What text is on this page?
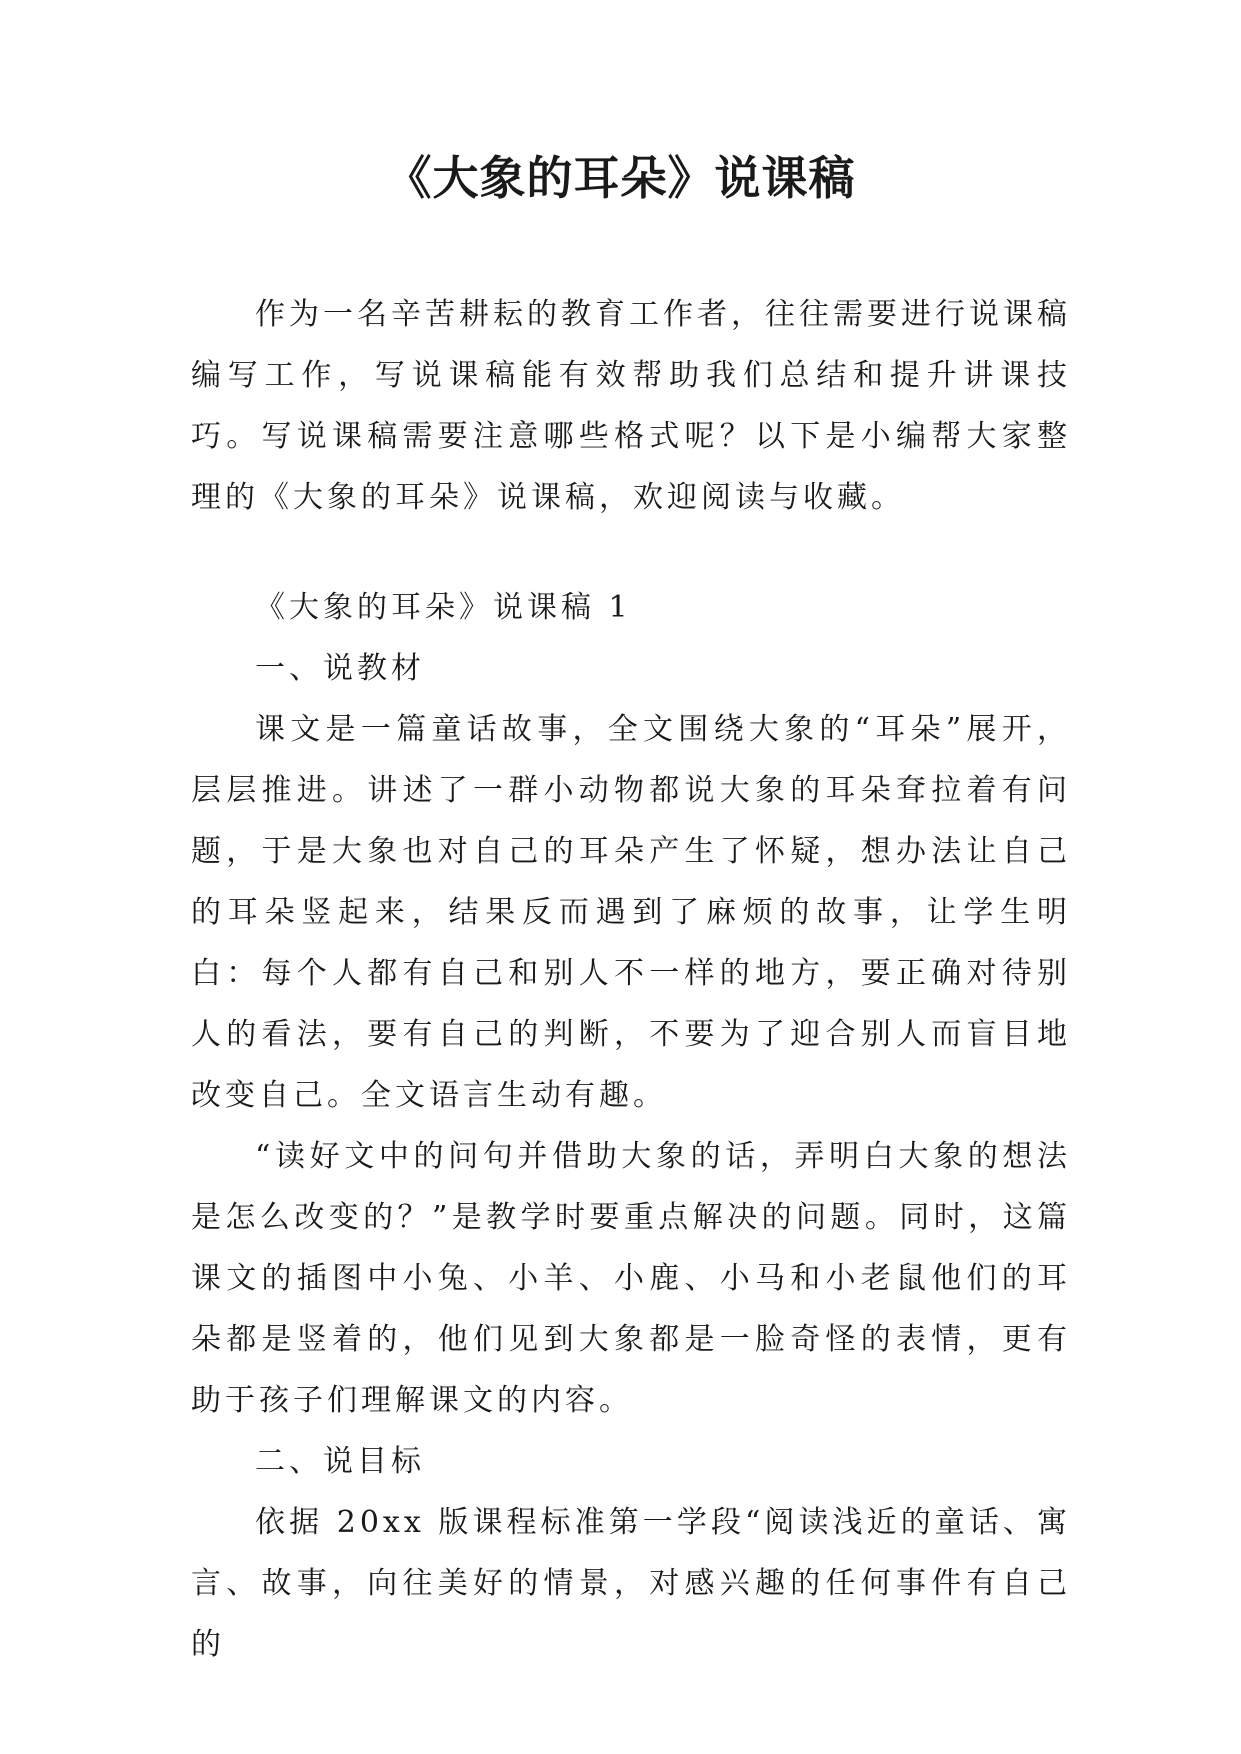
《大象的耳朵》说课稿

作为一名辛苦耕耘的教育工作者，往往需要进行说课稿编写工作，写说课稿能有效帮助我们总结和提升讲课技巧。写说课稿需要注意哪些格式呢？以下是小编帮大家整理的《大象的耳朵》说课稿，欢迎阅读与收藏。

《大象的耳朵》说课稿 1

一、说教材

课文是一篇童话故事，全文围绕大象的“耳朵”展开，层层推进。讲述了一群小动物都说大象的耳朵耷拉着有问题，于是大象也对自己的耳朵产生了怀疑，想办法让自己的耳朵竖起来，结果反而遇到了麻烦的故事，让学生明白：每个人都有自己和别人不一样的地方，要正确对待别人的看法，要有自己的判断，不要为了迎合别人而盲目地改变自己。全文语言生动有趣。

“读好文中的问句并借助大象的话，弄明白大象的想法是怎么改变的？”是教学时要重点解决的问题。同时，这篇课文的插图中小兔、小羊、小鹿、小马和小老鼠他们的耳朵都是竖着的，他们见到大象都是一脸奇怪的表情，更有助于孩子们理解课文的内容。

二、说目标

依据 20xx 版课程标准第一学段“阅读浅近的童话、寓言、故事，向往美好的情景，对感兴趣的任何事件有自己的
